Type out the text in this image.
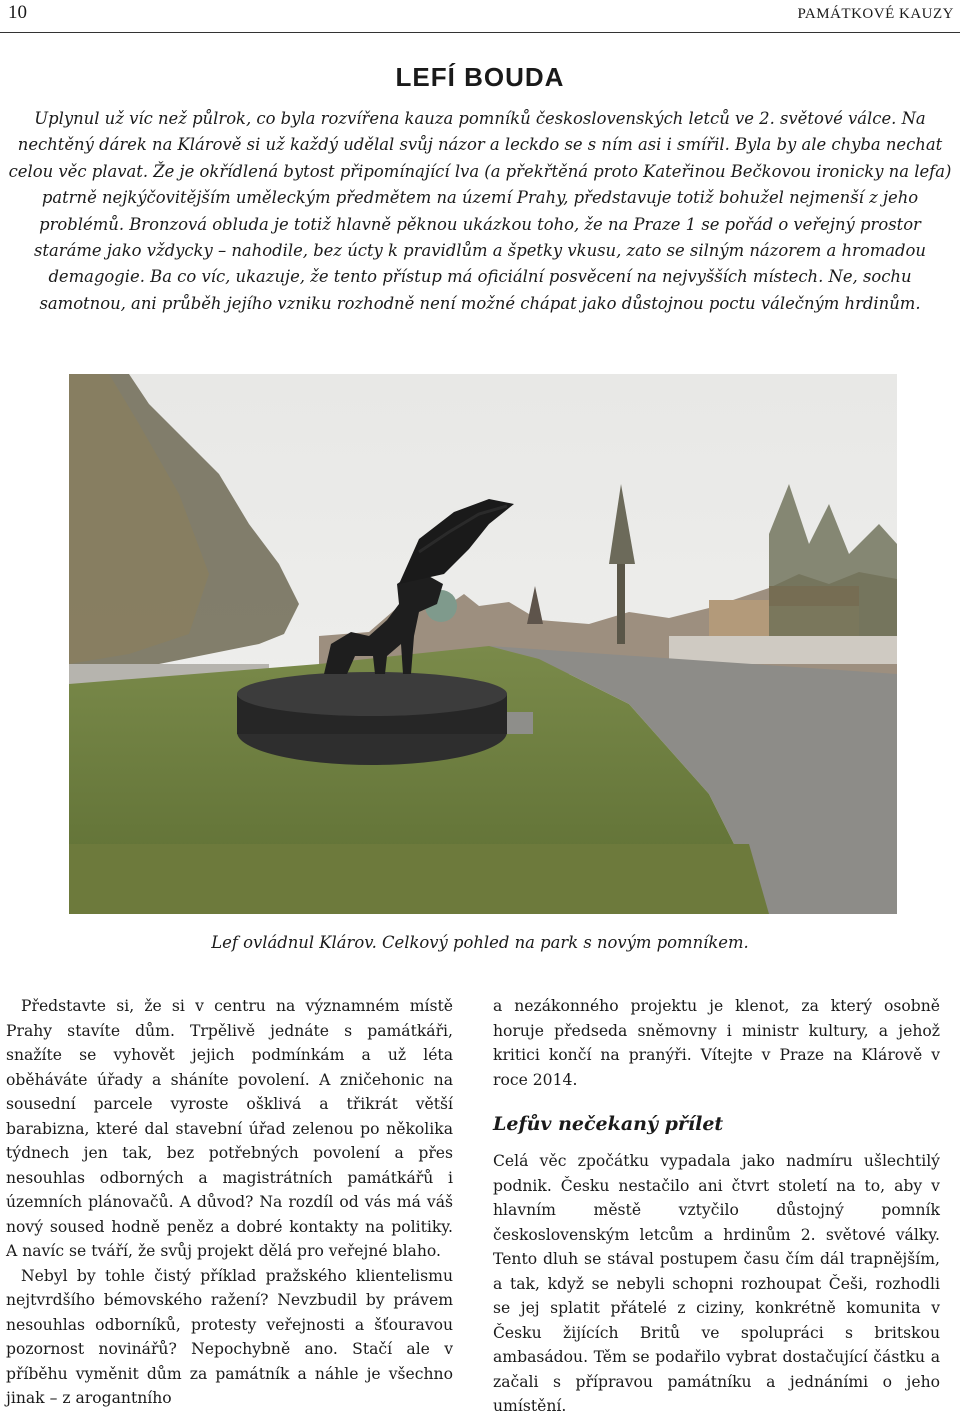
10	PAMÁTKOVÉ KAUZY
LEFÍ BOUDA

Uplynul už víc než půlrok, co byla rozvířena kauza pomníků československých letců ve 2. světové válce. Na nechtěný dárek na Klárově si už každý udělal svůj názor a leckdo se s ním asi i smířil. Byla by ale chyba nechat celou věc plavat. Že je okřídlená bytost připomínající lva (a překřtěná proto Kateřinou Bečkovou ironicky na lefa) patrně nejkýčovitějším uměleckým předmětem na území Prahy, představuje totiž bohužel nejmenší z jeho problémů. Bronzová obluda je totiž hlavně pěknou ukázkou toho, že na Praze 1 se pořád o veřejný prostor staráme jako vždycky – nahodile, bez úcty k pravidlům a špetky vkusu, zato se silným názorem a hromadou demagogie. Ba co víc, ukazuje, že tento přístup má oficiální posvěcení na nejvyšších místech. Ne, sochu samotnou, ani průběh jejího vzniku rozhodně není možné chápat jako důstojnou poctu válečným hrdinům.

Lef ovládnul Klárov. Celkový pohled na park s novým pomníkem.

Představte si, že si v centru na významném místě Prahy stavíte dům. Trpělivě jednáte s památkáři, snažíte se vyhovět jejich podmínkám a už léta oběháváte úřady a sháníte povolení. A zničehonic na sousední parcele vyroste ošklivá a třikrát větší barabizna, které dal stavební úřad zelenou po několika týdnech jen tak, bez potřebných povolení a přes nesouhlas odborných a magistrátních památkářů i územních plánovačů. A důvod? Na rozdíl od vás má váš nový soused hodně peněz a dobré kontakty na politiky. A navíc se tváří, že svůj projekt dělá pro veřejné blaho.

Nebyl by tohle čistý příklad pražského klientelismu nejtvrdšího bémovského ražení? Nevzbudil by právem nesouhlas odborníků, protesty veřejnosti a šťouravou pozornost novinářů? Nepochybně ano. Stačí ale v příběhu vyměnit dům za památník a náhle je všechno jinak – z arogantního

a nezákonného projektu je klenot, za který osobně horuje předseda sněmovny i ministr kultury, a jehož kritici končí na pranýři. Vítejte v Praze na Klárově v roce 2014.

Lefův nečekaný přílet

Celá věc zpočátku vypadala jako nadmíru ušlechtilý podnik. Česku nestačilo ani čtvrt století na to, aby v hlavním městě vztyčilo důstojný pomník československým letcům a hrdinům 2. světové války. Tento dluh se stával postupem času čím dál trapnějším, a tak, když se nebyli schopni rozhoupat Češi, rozhodli se jej splatit přátelé z ciziny, konkrétně komunita v Česku žijících Britů ve spolupráci s britskou ambasádou. Těm se podařilo vybrat dostačující částku a začali s přípravou památníku a jednáními o jeho umístění.
